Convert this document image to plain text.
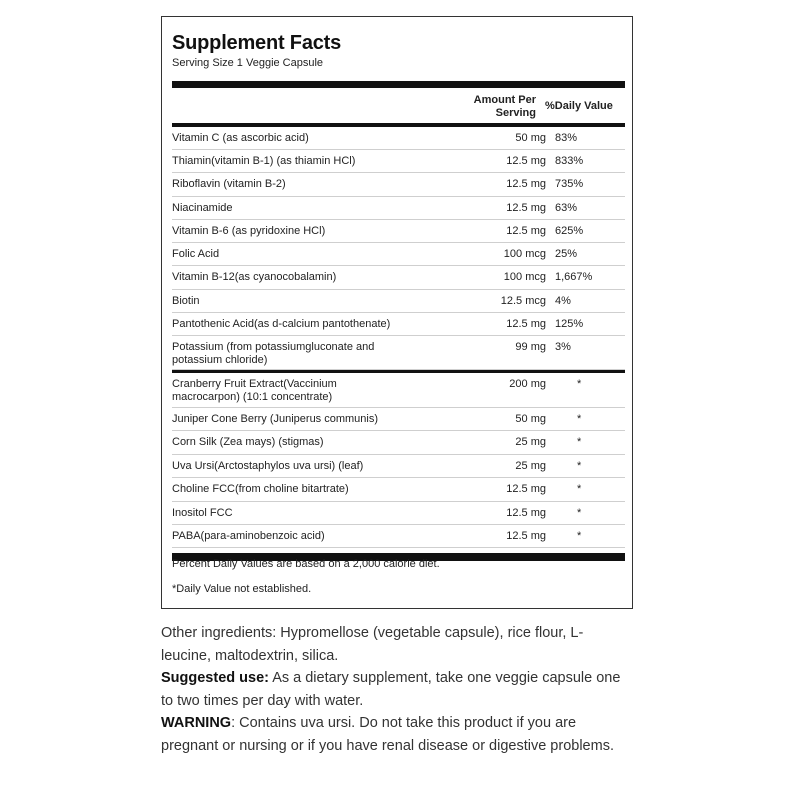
Supplement Facts
Serving Size 1 Veggie Capsule
Amount Per Serving
%Daily Value
Vitamin C (as ascorbic acid)	50 mg 83%
Thiamin(vitamin B-1) (as thiamin HCl)	12.5 mg 833%
Riboflavin (vitamin B-2)	12.5 mg 735%
Niacinamide	12.5 mg 63%
Vitamin B-6 (as pyridoxine HCl)	12.5 mg 625%
Folic Acid	100 mcg 25%
Vitamin B-12(as cyanocobalamin)	100 mcg 1,667%
Biotin	12.5 mcg 4%
Pantothenic Acid(as d-calcium pantothenate)	12.5 mg 125%
Potassium (from potassiumgluconate and potassium chloride)
99 mg 3%
Cranberry Fruit Extract(Vaccinium macrocarpon) (10:1 concentrate)
200 mg	*
Juniper Cone Berry (Juniperus communis)	50 mg	*
Corn Silk (Zea mays) (stigmas)	25 mg	*
Uva Ursi(Arctostaphylos uva ursi) (leaf)	25 mg	*
Choline FCC(from choline bitartrate)	12.5 mg	*
Inositol FCC	12.5 mg	*
PABA(para-aminobenzoic acid)	12.5 mg	*
Percent Daily Values are based on a 2,000 calorie diet.
*Daily Value not established.

Other ingredients: Hypromellose (vegetable capsule), rice flour, L-leucine, maltodextrin, silica.

Suggested use: As a dietary supplement, take one veggie capsule one to two times per day with water.

WARNING: Contains uva ursi. Do not take this product if you are pregnant or nursing or if you have renal disease or digestive problems.
